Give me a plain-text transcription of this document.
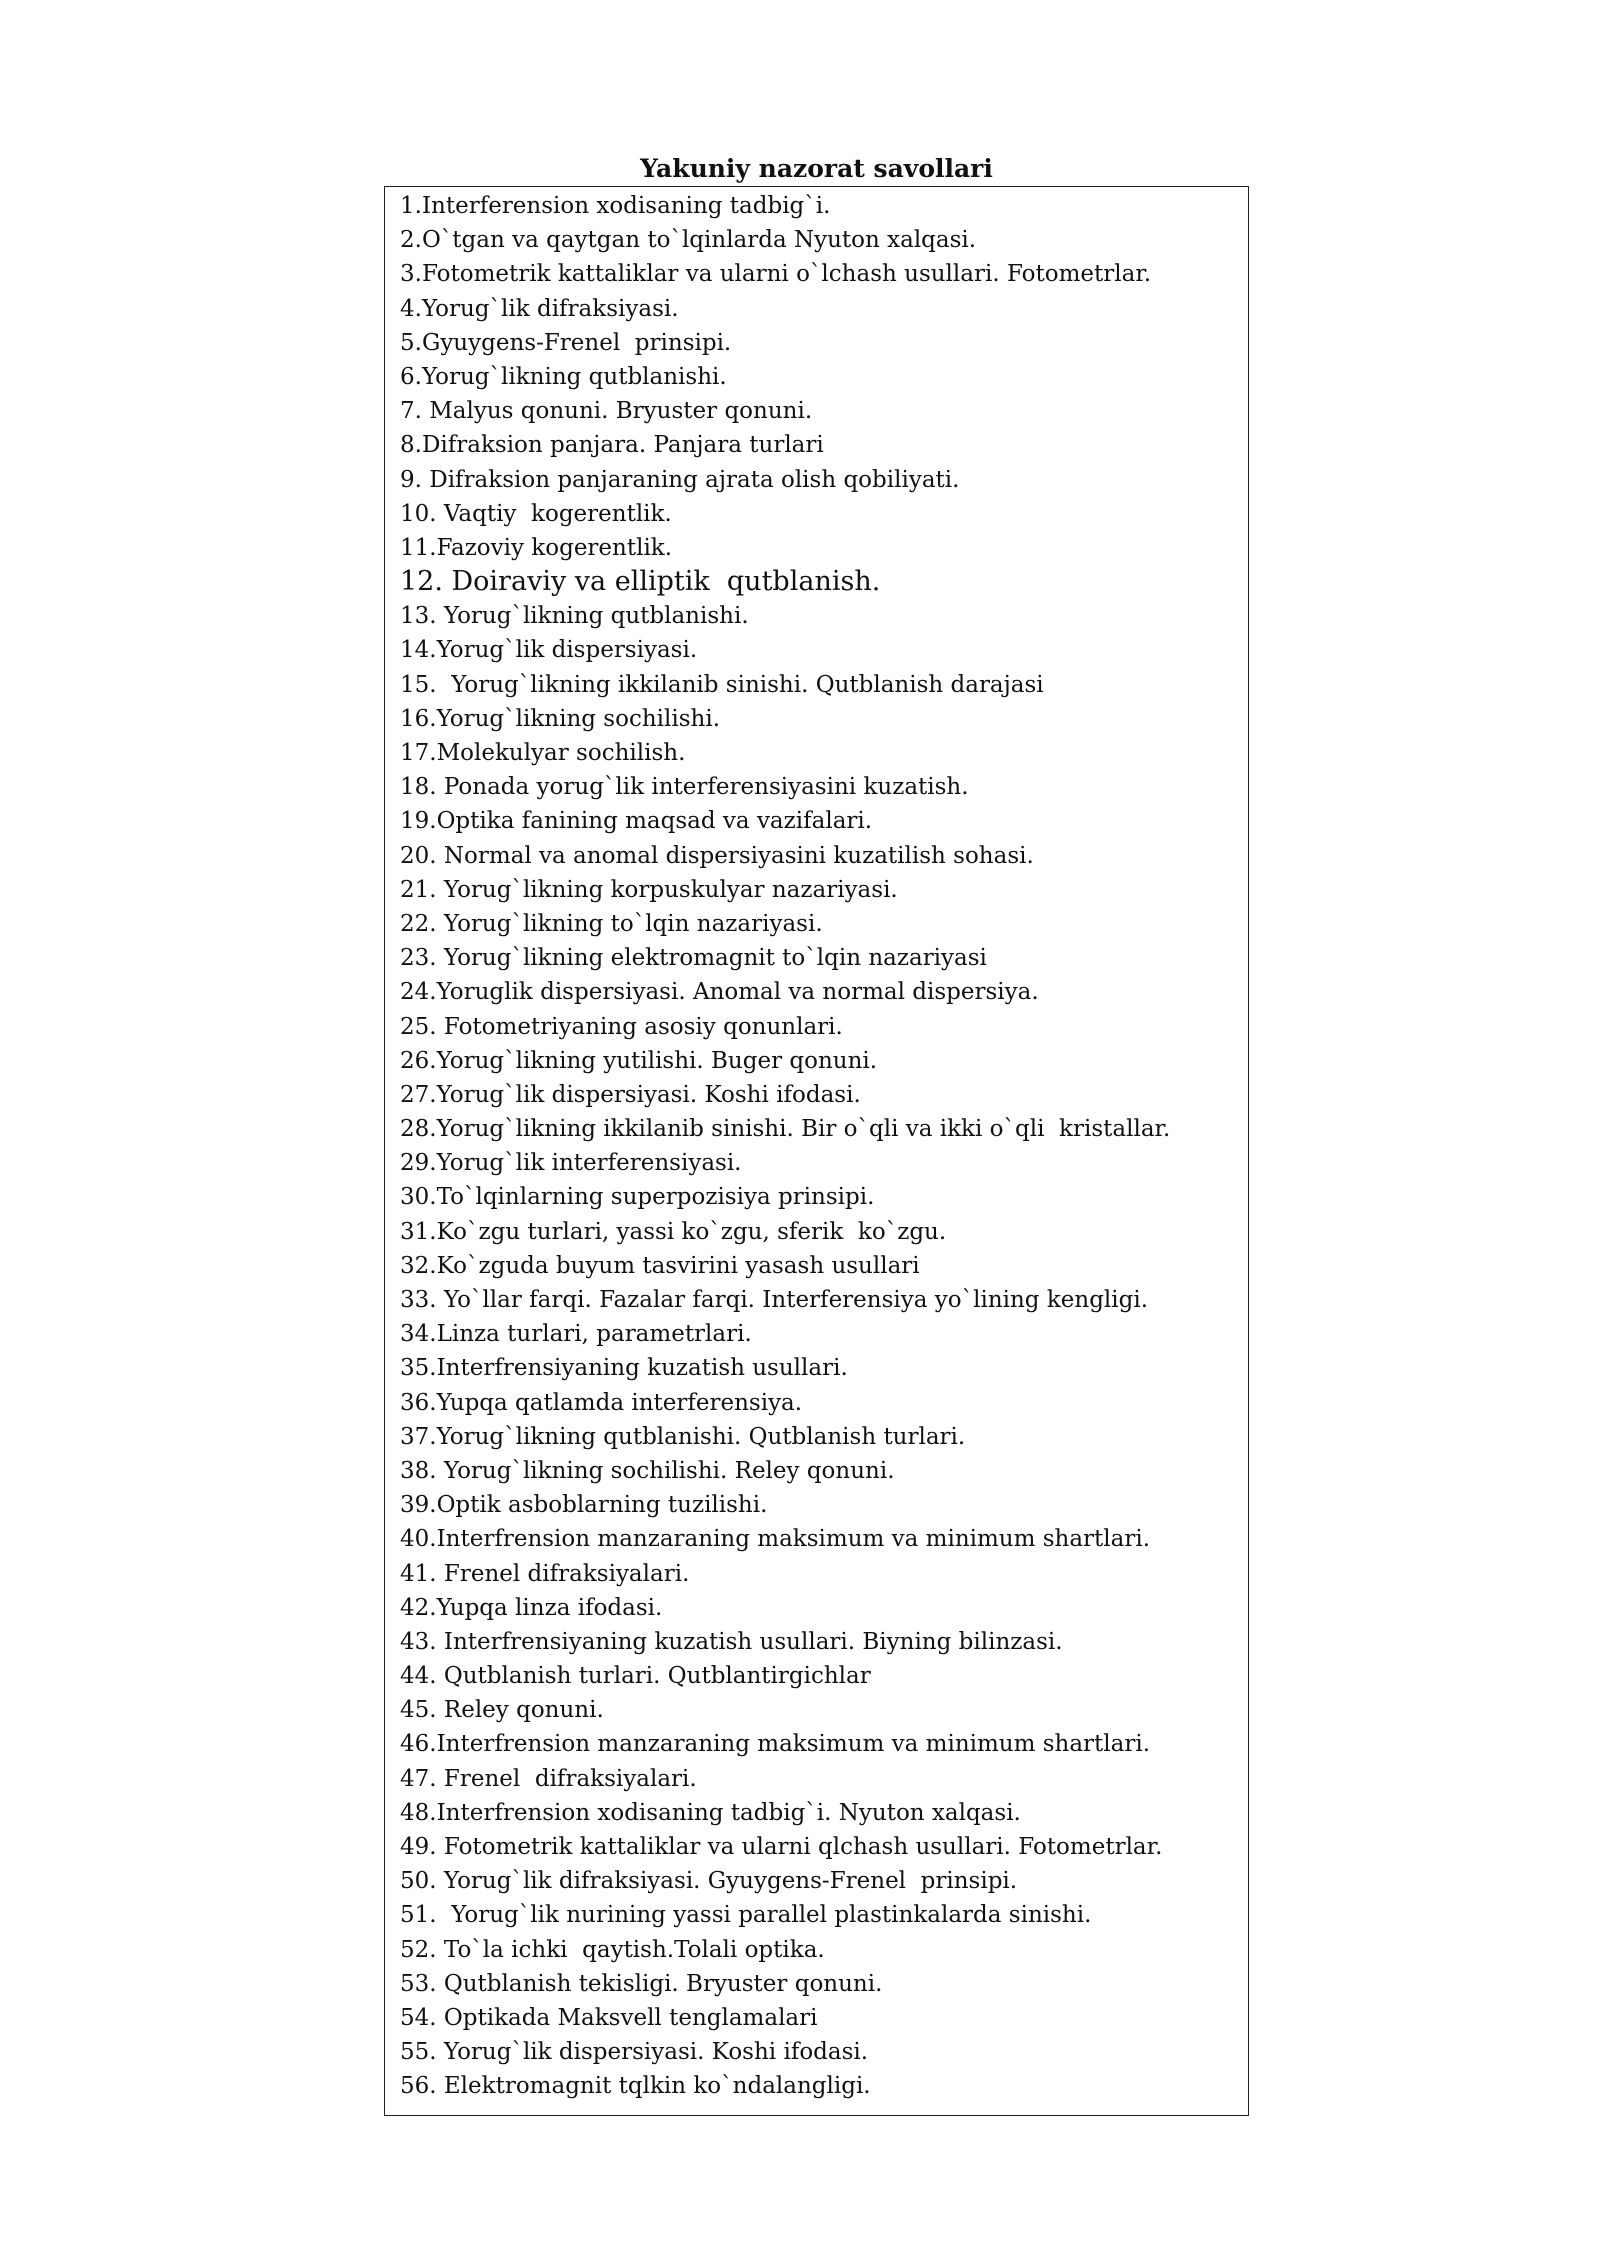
Yakuniy nazorat savollari
1.Interferension xodisaning tadbig`i.
2.O`tgan va qaytgan to`lqinlarda Nyuton xalqasi.
3.Fotometrik kattaliklar va ularni o`lchash usullari. Fotometrlar.
4.Yorug`lik difraksiyasi.
5.Gyuygens-Frenel  prinsipi.
6.Yorug`likning qutblanishi.
7. Malyus qonuni. Bryuster qonuni.
8.Difraksion panjara. Panjara turlari
9. Difraksion panjaraning ajrata olish qobiliyati.
10. Vaqtiy  kogerentlik.
11.Fazoviy kogerentlik.
12. Doiraviy va elliptik  qutblanish.
13. Yorug`likning qutblanishi.
14.Yorug`lik dispersiyasi.
15.  Yorug`likning ikkilanib sinishi. Qutblanish darajasi
16.Yorug`likning sochilishi.
17.Molekulyar sochilish.
18. Ponada yorug`lik interferensiyasini kuzatish.
19.Optika fanining maqsad va vazifalari.
20. Normal va anomal dispersiyasini kuzatilish sohasi.
21. Yorug`likning korpuskulyar nazariyasi.
22. Yorug`likning to`lqin nazariyasi.
23. Yorug`likning elektromagnit to`lqin nazariyasi
24.Yoruglik dispersiyasi. Anomal va normal dispersiya.
25. Fotometriyaning asosiy qonunlari.
26.Yorug`likning yutilishi. Buger qonuni.
27.Yorug`lik dispersiyasi. Koshi ifodasi.
28.Yorug`likning ikkilanib sinishi. Bir o`qli va ikki o`qli  kristallar.
29.Yorug`lik interferensiyasi.
30.To`lqinlarning superpozisiya prinsipi.
31.Ko`zgu turlari, yassi ko`zgu, sferik  ko`zgu.
32.Ko`zguda buyum tasvirini yasash usullari
33. Yo`llar farqi. Fazalar farqi. Interferensiya yo`lining kengligi.
34.Linza turlari, parametrlari.
35.Interfrensiyaning kuzatish usullari.
36.Yupqa qatlamda interferensiya.
37.Yorug`likning qutblanishi. Qutblanish turlari.
38. Yorug`likning sochilishi. Reley qonuni.
39.Optik asboblarning tuzilishi.
40.Interfrension manzaraning maksimum va minimum shartlari.
41. Frenel difraksiyalari.
42.Yupqa linza ifodasi.
43. Interfrensiyaning kuzatish usullari. Biyning bilinzasi.
44. Qutblanish turlari. Qutblantirgichlar
45. Reley qonuni.
46.Interfrension manzaraning maksimum va minimum shartlari.
47. Frenel  difraksiyalari.
48.Interfrension xodisaning tadbig`i. Nyuton xalqasi.
49. Fotometrik kattaliklar va ularni qlchash usullari. Fotometrlar.
50. Yorug`lik difraksiyasi. Gyuygens-Frenel  prinsipi.
51.  Yorug`lik nurining yassi parallel plastinkalarda sinishi.
52. To`la ichki  qaytish.Tolali optika.
53. Qutblanish tekisligi. Bryuster qonuni.
54. Optikada Maksvell tenglamalari
55. Yorug`lik dispersiyasi. Koshi ifodasi.
56. Elektromagnit tqlkin ko`ndalangligi.
